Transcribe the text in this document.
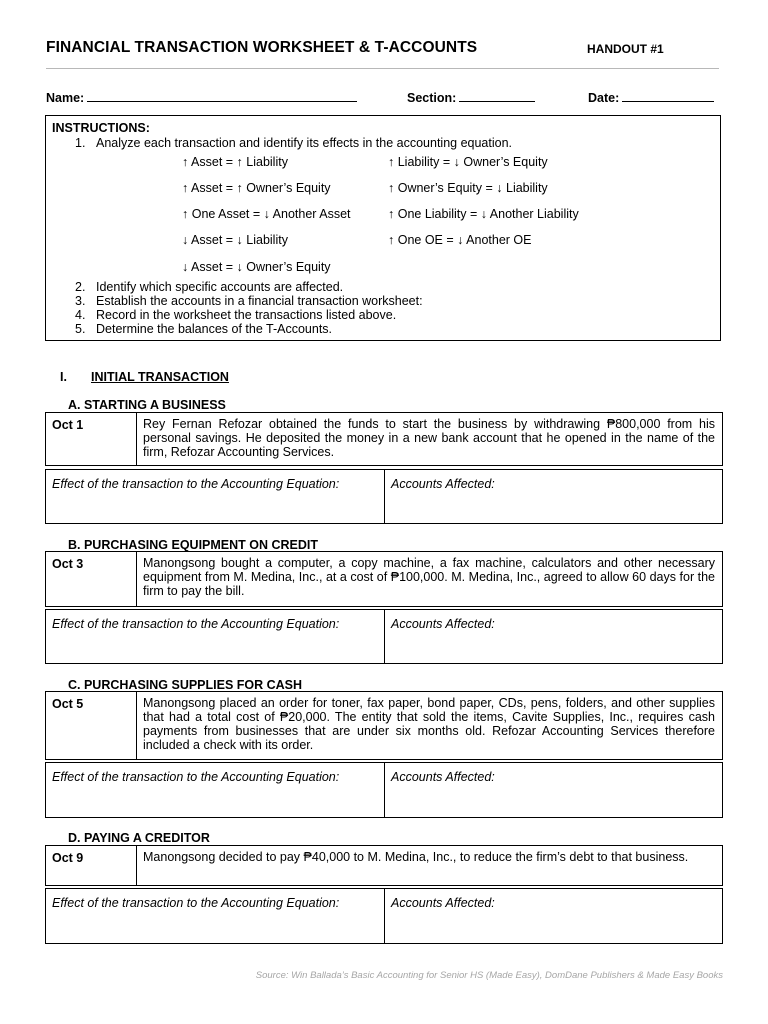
FINANCIAL TRANSACTION WORKSHEET & T-ACCOUNTS	HANDOUT #1
Name:	Section:	Date:
INSTRUCTIONS:
1. Analyze each transaction and identify its effects in the accounting equation.
↑ Asset = ↑ Liability
↑ Asset = ↑ Owner’s Equity
↑ One Asset = ↓ Another Asset
↓ Asset = ↓ Liability
↓ Asset = ↓ Owner’s Equity
↑ Liability = ↓ Owner’s Equity
↑ Owner’s Equity = ↓ Liability
↑ One Liability = ↓ Another Liability
↑ One OE = ↓ Another OE
2. Identify which specific accounts are affected.
3. Establish the accounts in a financial transaction worksheet:
4. Record in the worksheet the transactions listed above.
5. Determine the balances of the T-Accounts.
I. INITIAL TRANSACTION
A. STARTING A BUSINESS
Oct 1	Rey Fernan Refozar obtained the funds to start the business by withdrawing ₱800,000 from his personal savings. He deposited the money in a new bank account that he opened in the name of the firm, Refozar Accounting Services.
Effect of the transaction to the Accounting Equation:	Accounts Affected:
B. PURCHASING EQUIPMENT ON CREDIT
Oct 3	Manongsong bought a computer, a copy machine, a fax machine, calculators and other necessary equipment from M. Medina, Inc., at a cost of ₱100,000. M. Medina, Inc., agreed to allow 60 days for the firm to pay the bill.
Effect of the transaction to the Accounting Equation:	Accounts Affected:
C. PURCHASING SUPPLIES FOR CASH
Oct 5	Manongsong placed an order for toner, fax paper, bond paper, CDs, pens, folders, and other supplies that had a total cost of ₱20,000. The entity that sold the items, Cavite Supplies, Inc., requires cash payments from businesses that are under six months old. Refozar Accounting Services therefore included a check with its order.
Effect of the transaction to the Accounting Equation:	Accounts Affected:
D. PAYING A CREDITOR
Oct 9	Manongsong decided to pay ₱40,000 to M. Medina, Inc., to reduce the firm’s debt to that business.
Effect of the transaction to the Accounting Equation:	Accounts Affected:
Source: Win Ballada’s Basic Accounting for Senior HS (Made Easy), DomDane Publishers & Made Easy Books
